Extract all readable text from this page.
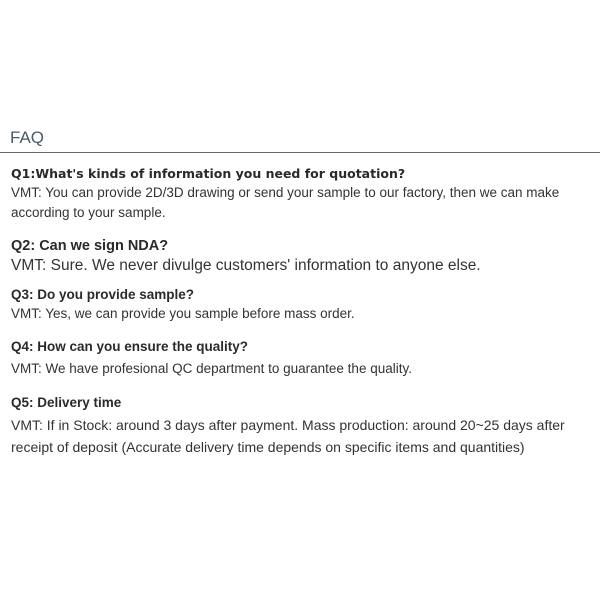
FAQ

Q1:What's kinds of information you need for quotation?

VMT: You can provide 2D/3D drawing or send your sample to our factory, then we can make according to your sample.

Q2: Can we sign NDA?

VMT: Sure. We never divulge customers' information to anyone else.

Q3: Do you provide sample?

VMT: Yes, we can provide you sample before mass order.

Q4: How can you ensure the quality?

VMT: We have profesional QC department to guarantee the quality.

Q5: Delivery time

VMT: If in Stock: around 3 days after payment. Mass production: around 20~25 days after receipt of deposit (Accurate delivery time depends on specific items and quantities)
